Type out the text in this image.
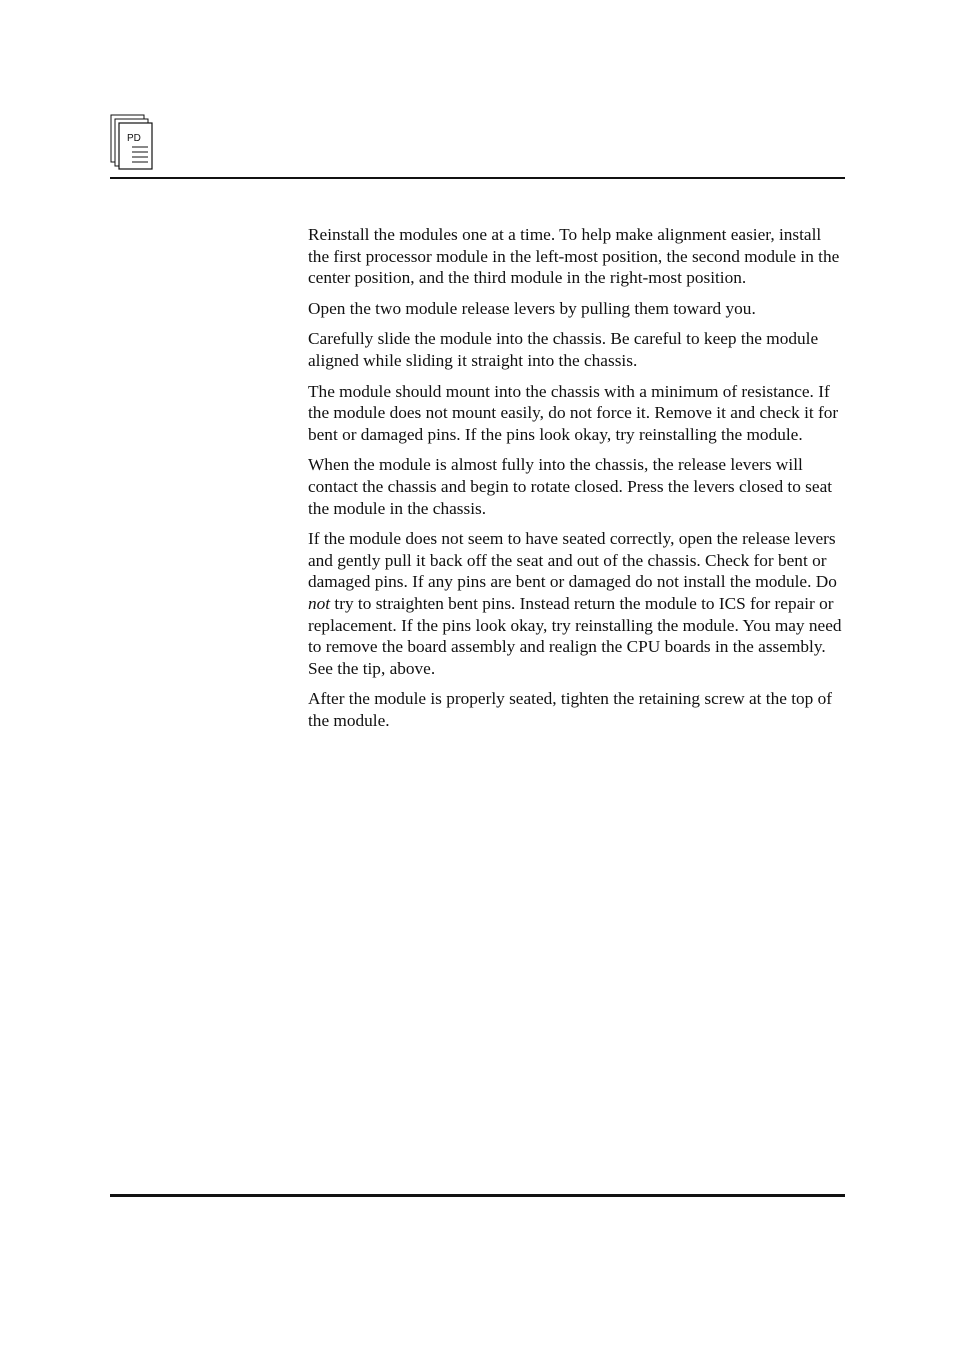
PD

Reinstall the modules one at a time. To help make alignment easier, install the first processor module in the left-most position, the second module in the center position, and the third module in the right-most position.

Open the two module release levers by pulling them toward you.

Carefully slide the module into the chassis. Be careful to keep the module aligned while sliding it straight into the chassis.

The module should mount into the chassis with a minimum of resistance. If the module does not mount easily, do not force it. Remove it and check it for bent or damaged pins. If the pins look okay, try reinstalling the module.

When the module is almost fully into the chassis, the release levers will contact the chassis and begin to rotate closed. Press the levers closed to seat the module in the chassis.

If the module does not seem to have seated correctly, open the release levers and gently pull it back off the seat and out of the chassis. Check for bent or damaged pins. If any pins are bent or damaged do not install the module. Do not try to straighten bent pins. Instead return the module to ICS for repair or replacement. If the pins look okay, try reinstalling the module. You may need to remove the board assembly and realign the CPU boards in the assembly. See the tip, above.

After the module is properly seated, tighten the retaining screw at the top of the module.
